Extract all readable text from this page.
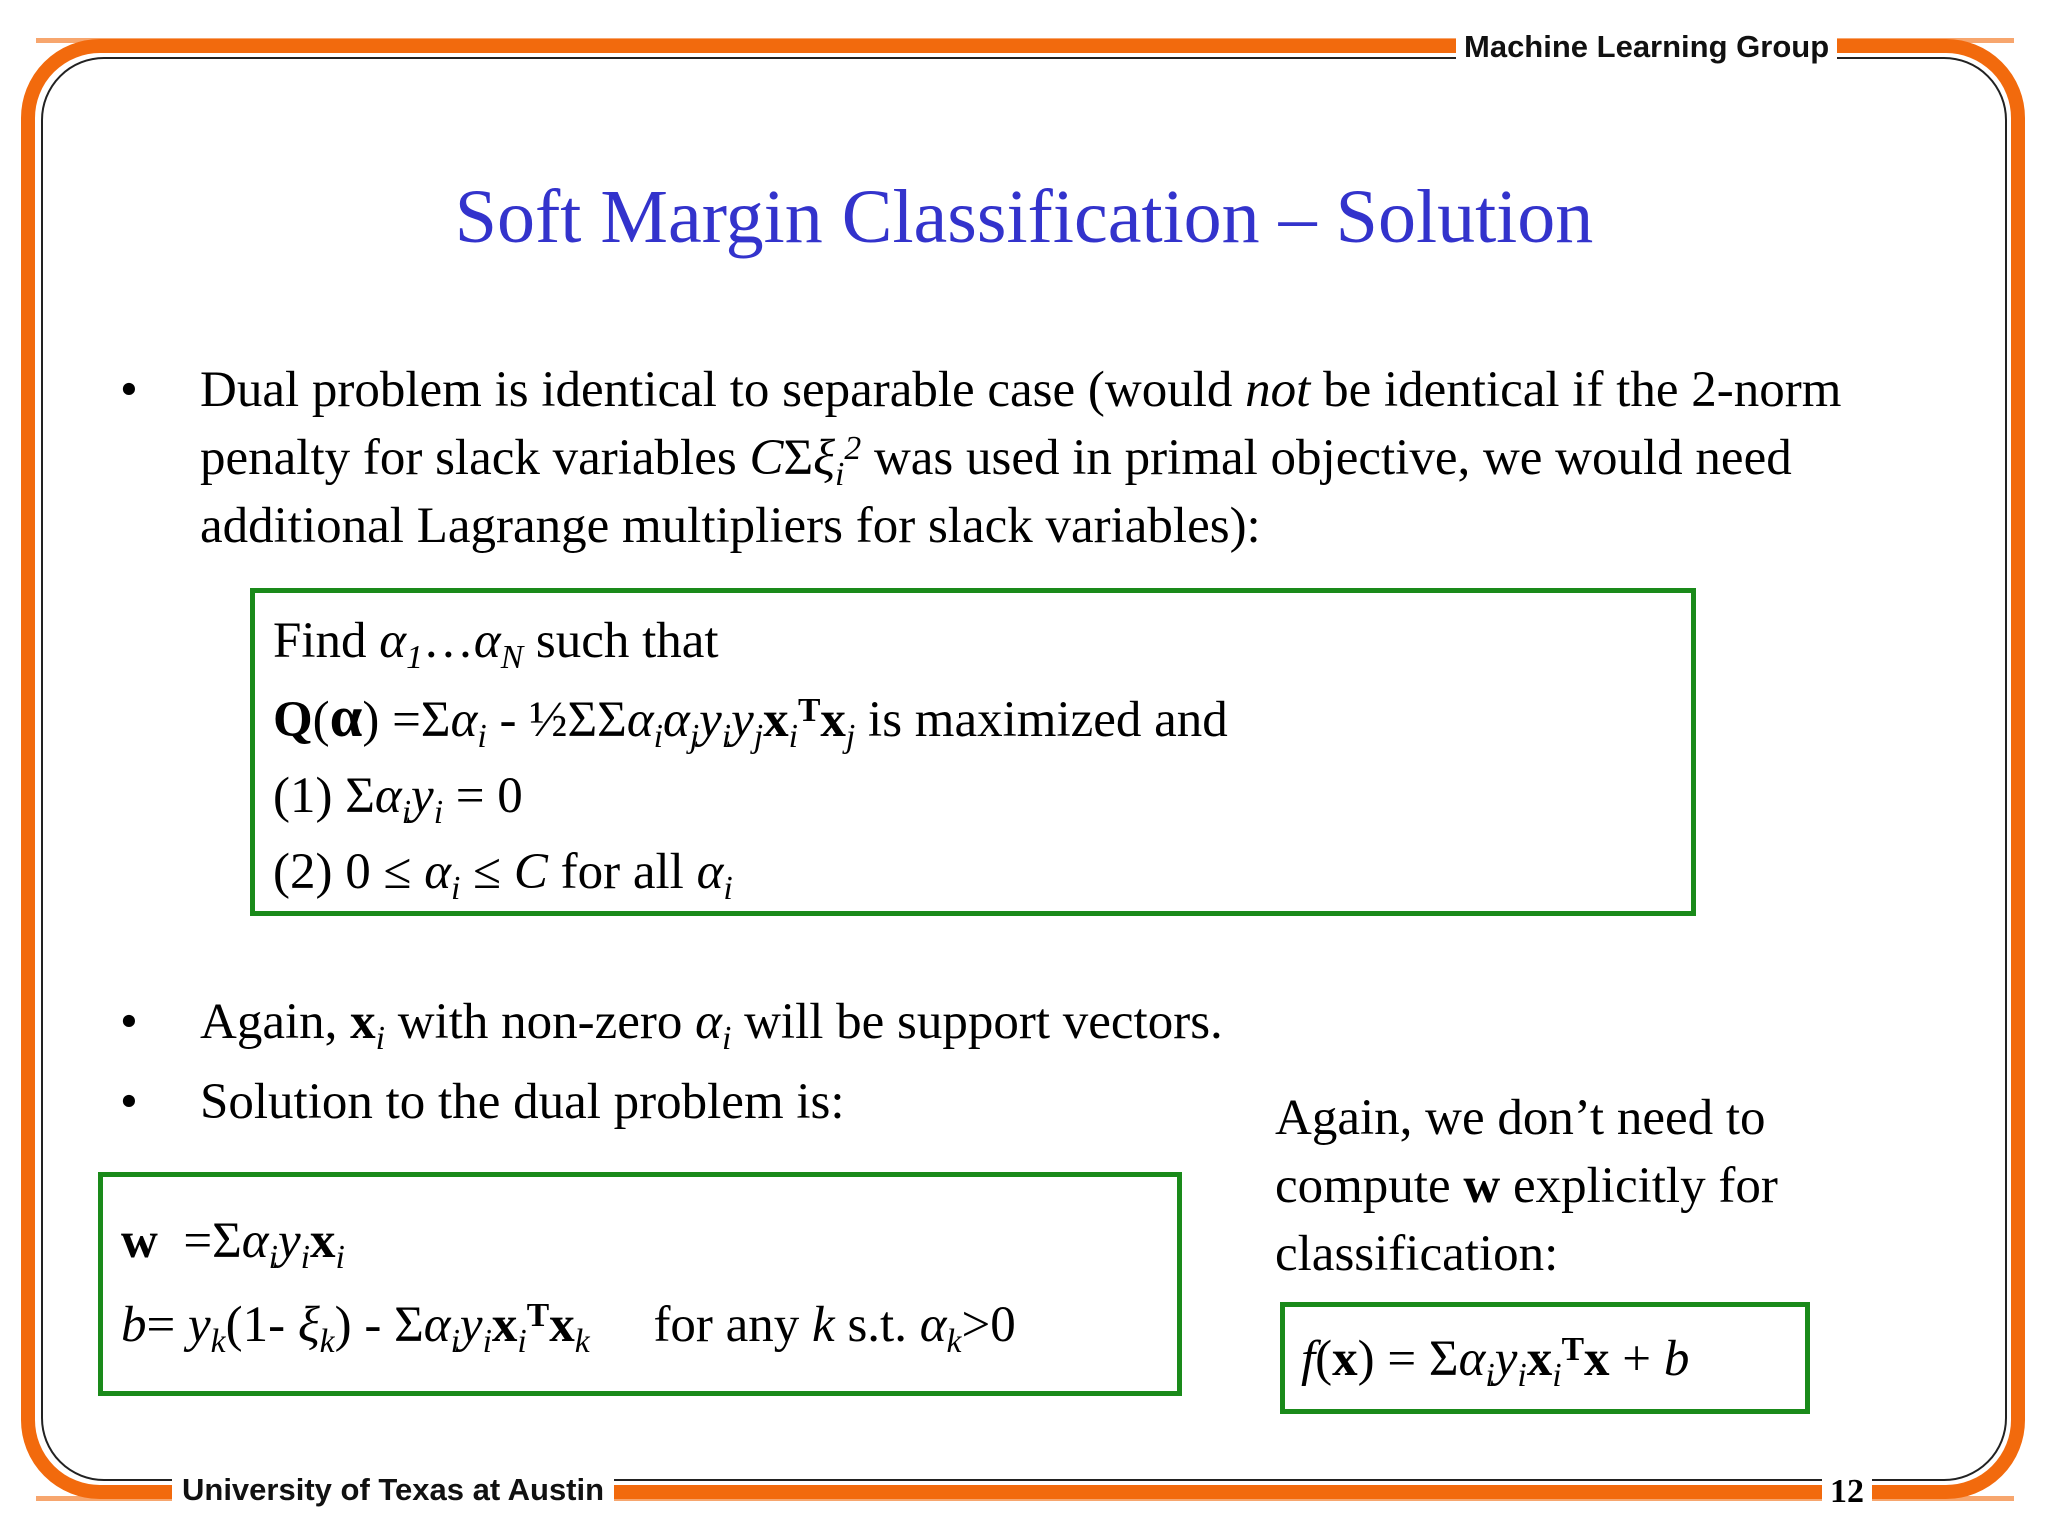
Machine Learning Group
University of Texas at Austin	12
Soft Margin Classification – Solution
• Dual problem is identical to separable case (would not be identical if the 2-norm penalty for slack variables CΣξ$_i^2$ was used in primal objective, we would need additional Lagrange multipliers for slack variables):
Find $\alpha_1\dots\alpha_N$ such that
$Q(\alpha) =\Sigma\alpha_i$ - $\frac{1}{2}\Sigma\Sigma\alpha_i\alpha_jy_iy_jx_i^Tx_j$ is maximized and
(1) $\Sigma\alpha_iy_i = 0$
(2) $0 \le \alpha_i \le C$ for all $\alpha_i$
• Again, $x_i$ with non-zero $\alpha_i$ will be support vectors.
• Solution to the dual problem is:
$w =\Sigma\alpha_iy_ix_i$
$b= y_k(1-$ $\xi_k) - \Sigma\alpha_iy_ix_i^Tx_k$     for any k s.t. $\alpha_k>0$
Again, we don’t need to compute w explicitly for classification:
$f(x) = \Sigma\alpha_iy_ix_i^Tx + b$
